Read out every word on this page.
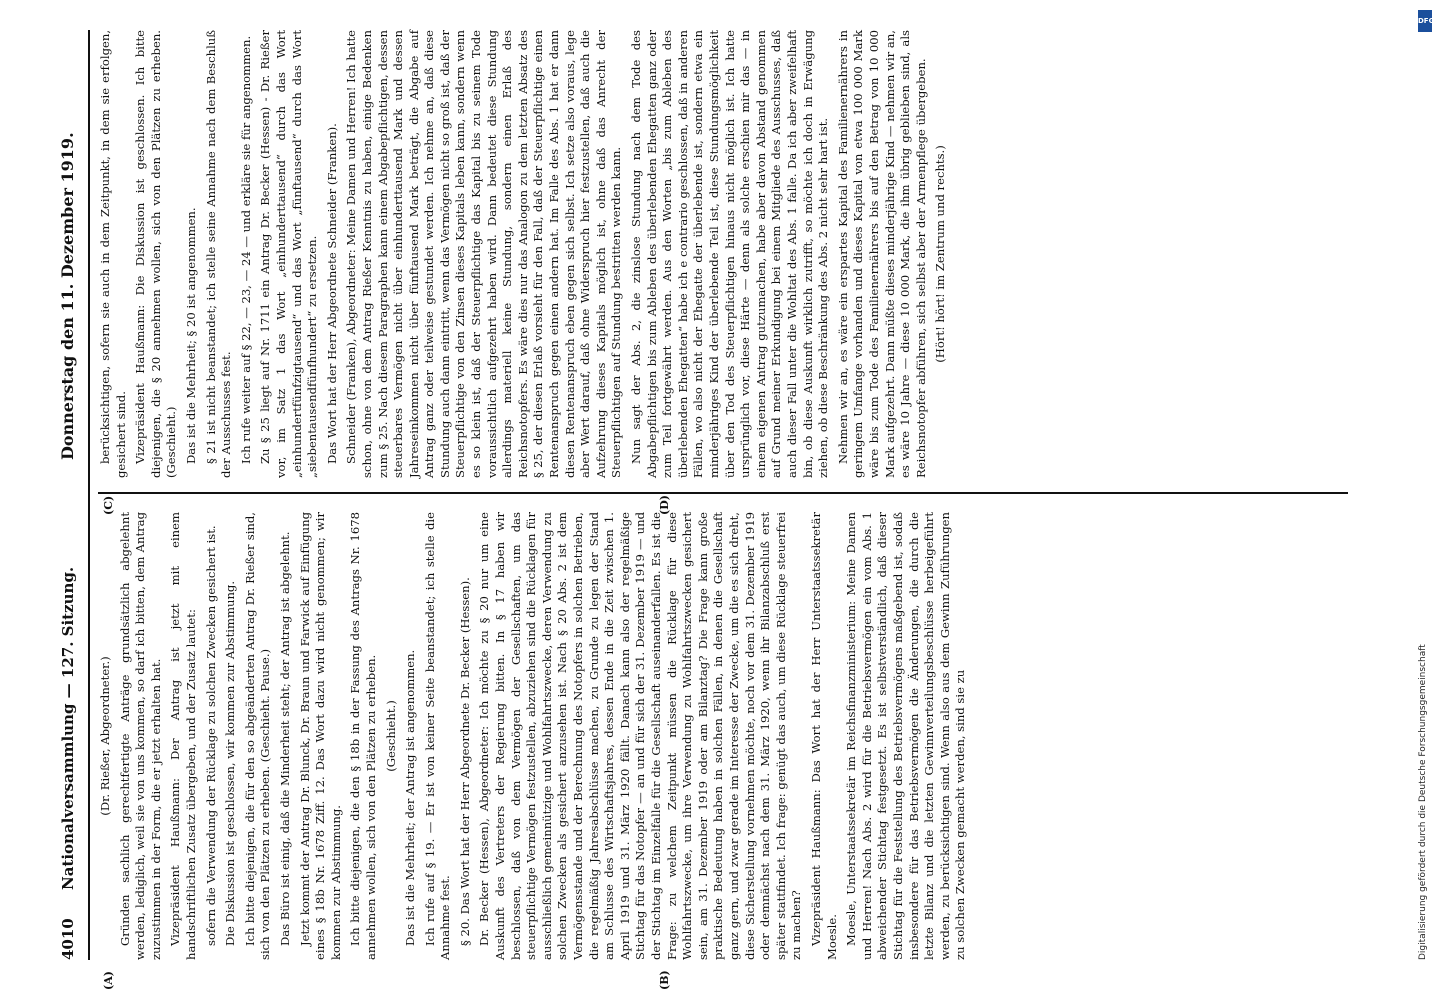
4010
Nationalversammlung — 127. Sitzung.
Donnerstag den 11. Dezember 1919.
(A)	(B)
(C)	(D)

(Dr. Rießer, Abgeordneter.) Gründen sachlich gerechtfertigte Anträge grundsätzlich abgelehnt werden, lediglich, weil sie von uns kommen, so darf ich bitten, dem Antrag zuzustimmen in der Form, die er jetzt erhalten hat. Vizepräsident Haußmann: Der Antrag ist jetzt mit einem handschriftlichen Zusatz übergeben, und der Zusatz lautet: sofern die Verwendung der Rücklage zu solchen Zwecken gesichert ist. Die Diskussion ist geschlossen, wir kommen zur Abstimmung. Ich bitte diejenigen, die für den so abgeänderten Antrag Dr. Rießer sind, sich von den Plätzen zu erheben. (Geschieht. Pause.) Das Büro ist einig, daß die Minderheit steht; der Antrag ist abgelehnt. Jetzt kommt der Antrag Dr. Blunck, Dr. Braun und Farwick auf Einfügung eines § 18b Nr. 1678 Ziff. 12. Das Wort dazu wird nicht genommen; wir kommen zur Abstimmung. Ich bitte diejenigen, die den § 18b in der Fassung des Antrags Nr. 1678 annehmen wollen, sich von den Plätzen zu erheben. (Geschieht.) Das ist die Mehrheit; der Antrag ist angenommen. Ich rufe auf § 19. — Er ist von keiner Seite beanstandet; ich stelle die Annahme fest. § 20. Das Wort hat der Herr Abgeordnete Dr. Becker (Hessen). Dr. Becker (Hessen), Abgeordneter: Ich möchte zu § 20 nur um eine Auskunft des Vertreters der Regierung bitten. In § 17 haben wir beschlossen, daß von dem Vermögen der Gesellschaften, um das steuerpflichtige Vermögen festzustellen, abzuziehen sind die Rücklagen für ausschließlich gemeinnützige und Wohlfahrtszwecke, deren Verwendung zu solchen Zwecken als gesichert anzusehen ist. Nach § 20 Abs. 2 ist dem Vermögensstande und der Berechnung des Notopfers in solchen Betrieben, die regelmäßig Jahresabschlüsse machen, zu Grunde zu legen der Stand am Schlusse des Wirtschaftsjahres, dessen Ende in die Zeit zwischen 1. April 1919 und 31. März 1920 fällt. Danach kann also der regelmäßige Stichtag für das Notopfer — an und für sich der 31. Dezember 1919 — und der Stichtag im Einzelfalle für die Gesellschaft auseinanderfallen. Es ist die Frage: zu welchem Zeitpunkt müssen die Rücklage für diese Wohlfahrtszwecke, um ihre Verwendung zu Wohlfahrtszwecken gesichert sein, am 31. Dezember 1919 oder am Bilanztag? Die Frage kann große praktische Bedeutung haben in solchen Fällen, in denen die Gesellschaft ganz gern, und zwar gerade im Interesse der Zwecke, um die es sich dreht, diese Sicherstellung vornehmen möchte, noch vor dem 31. Dezember 1919 oder demnächst nach dem 31. März 1920, wenn ihr Bilanzabschluß erst später stattfindet. Ich frage: genügt das auch, um diese Rücklage steuerfrei zu machen? Vizepräsident Haußmann: Das Wort hat der Herr Unterstaatssekretär Moesle. Moesle, Unterstaatssekretär im Reichsfinanzministerium: Meine Damen und Herren! Nach Abs. 2 wird für die Betriebsvermögen ein vom Abs. 1 abweichender Stichtag festgesetzt. Es ist selbstverständlich, daß dieser Stichtag für die Feststellung des Betriebsvermögens maßgebend ist, sodaß insbesondere für das Betriebsvermögen die Änderungen, die durch die letzte Bilanz und die letzten Gewinnverteilungsbeschlüsse herbeigeführt werden, zu berücksichtigen sind. Wenn also aus dem Gewinn Zuführungen zu solchen Zwecken gemacht werden, sind sie zu

berücksichtigen, sofern sie auch in dem Zeitpunkt, in dem sie erfolgen, gesichert sind. Vizepräsident Haußmann: Die Diskussion ist geschlossen. Ich bitte diejenigen, die § 20 annehmen wollen, sich von den Plätzen zu erheben. (Geschieht.) Das ist die Mehrheit; § 20 ist angenommen. § 21 ist nicht beanstandet; ich stelle seine Annahme nach dem Beschluß der Ausschusses fest. Ich rufe weiter auf § 22, — 23, — 24 — und erkläre sie für angenommen. Zu § 25 liegt auf Nr. 1711 ein Antrag Dr. Becker (Hessen) - Dr. Rießer vor, im Satz 1 das Wort „einhunderttausend“ durch das Wort „einhundertfünfzigtausend“ und das Wort „fünftausend“ durch das Wort „siebentausendfünfhundert“ zu ersetzen. Das Wort hat der Herr Abgeordnete Schneider (Franken). Schneider (Franken), Abgeordneter: Meine Damen und Herren! Ich hatte schon, ohne von dem Antrag Rießer Kenntnis zu haben, einige Bedenken zum § 25. Nach diesem Paragraphen kann einem Abgabepflichtigen, dessen steuerbares Vermögen nicht über einhunderttausend Mark und dessen Jahreseinkommen nicht über fünftausend Mark beträgt, die Abgabe auf Antrag ganz oder teilweise gestundet werden. Ich nehme an, daß diese Stundung auch dann eintritt, wenn das Vermögen nicht so groß ist, daß der Steuerpflichtige von den Zinsen dieses Kapitals leben kann, sondern wenn es so klein ist, daß der Steuerpflichtige das Kapital bis zu seinem Tode voraussichtlich aufgezehrt haben wird. Dann bedeutet diese Stundung allerdings materiell keine Stundung, sondern einen Erlaß des Reichsnotopfers. Es wäre dies nur das Analogon zu dem letzten Absatz des § 25, der diesen Erlaß vorsieht für den Fall, daß der Steuerpflichtige einen Rentenanspruch gegen einen andern hat. Im Falle des Abs. 1 hat er dann diesen Rentenanspruch eben gegen sich selbst. Ich setze also voraus, lege aber Wert darauf, daß ohne Widerspruch hier festzustellen, daß auch die Aufzehrung dieses Kapitals möglich ist, ohne daß das Anrecht der Steuerpflichtigen auf Stundung bestritten werden kann. Nun sagt der Abs. 2, die zinslose Stundung nach dem Tode des Abgabepflichtigen bis zum Ableben des überlebenden Ehegatten ganz oder zum Teil fortgewährt werden. Aus den Worten „bis zum Ableben des überlebenden Ehegatten“ habe ich e contrario geschlossen, daß in anderen Fällen, wo also nicht der Ehegatte der überlebende ist, sondern etwa ein minderjähriges Kind der überlebende Teil ist, diese Stundungsmöglichkeit über den Tod des Steuerpflichtigen hinaus nicht möglich ist. Ich hatte ursprünglich vor, diese Härte — denn als solche erschien mir das — in einem eigenen Antrag gutzumachen, habe aber davon Abstand genommen auf Grund meiner Erkundigung bei einem Mitgliede des Ausschusses, daß auch dieser Fall unter die Wohltat des Abs. 1 falle. Da ich aber zweifelhaft bin, ob diese Auskunft wirklich zutrifft, so möchte ich doch in Erwägung ziehen, ob diese Beschränkung des Abs. 2 nicht sehr hart ist. Nehmen wir an, es wäre ein erspartes Kapital des Familienernährers in geringem Umfange vorhanden und dieses Kapital von etwa 100 000 Mark wäre bis zum Tode des Familienernährers bis auf den Betrag von 10 000 Mark aufgezehrt. Dann müßte dieses minderjährige Kind — nehmen wir an, es wäre 10 Jahre — diese 10 000 Mark, die ihm übrig geblieben sind, als Reichsnotopfer abführen, sich selbst aber der Armenpflege übergeben. (Hört! hört! im Zentrum und rechts.)

DFG
Digitalisierung gefördert durch die Deutsche Forschungsgemeinschaft
